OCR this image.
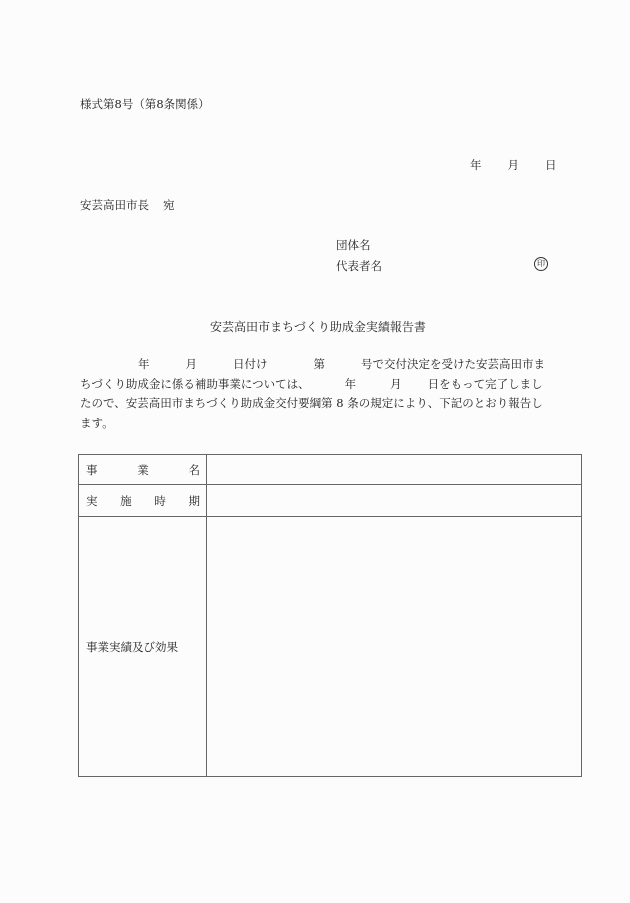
様式第8号（第8条関係）
年 月 日
安芸高田市長 宛
団体名
代表者名	印
安芸高田市まちづくり助成金実績報告書
年	月	日付け	第	号で交付決定を受けた安芸高田市ま
ちづくり助成金に係る補助事業については、	年	月 日をもって完了しまし
たので、安芸高田市まちづくり助成金交付要綱第 8 条の規定により、下記のとおり報告し
ます。
事 業 名	

実 施 時 期	

事業実績及び効果	
